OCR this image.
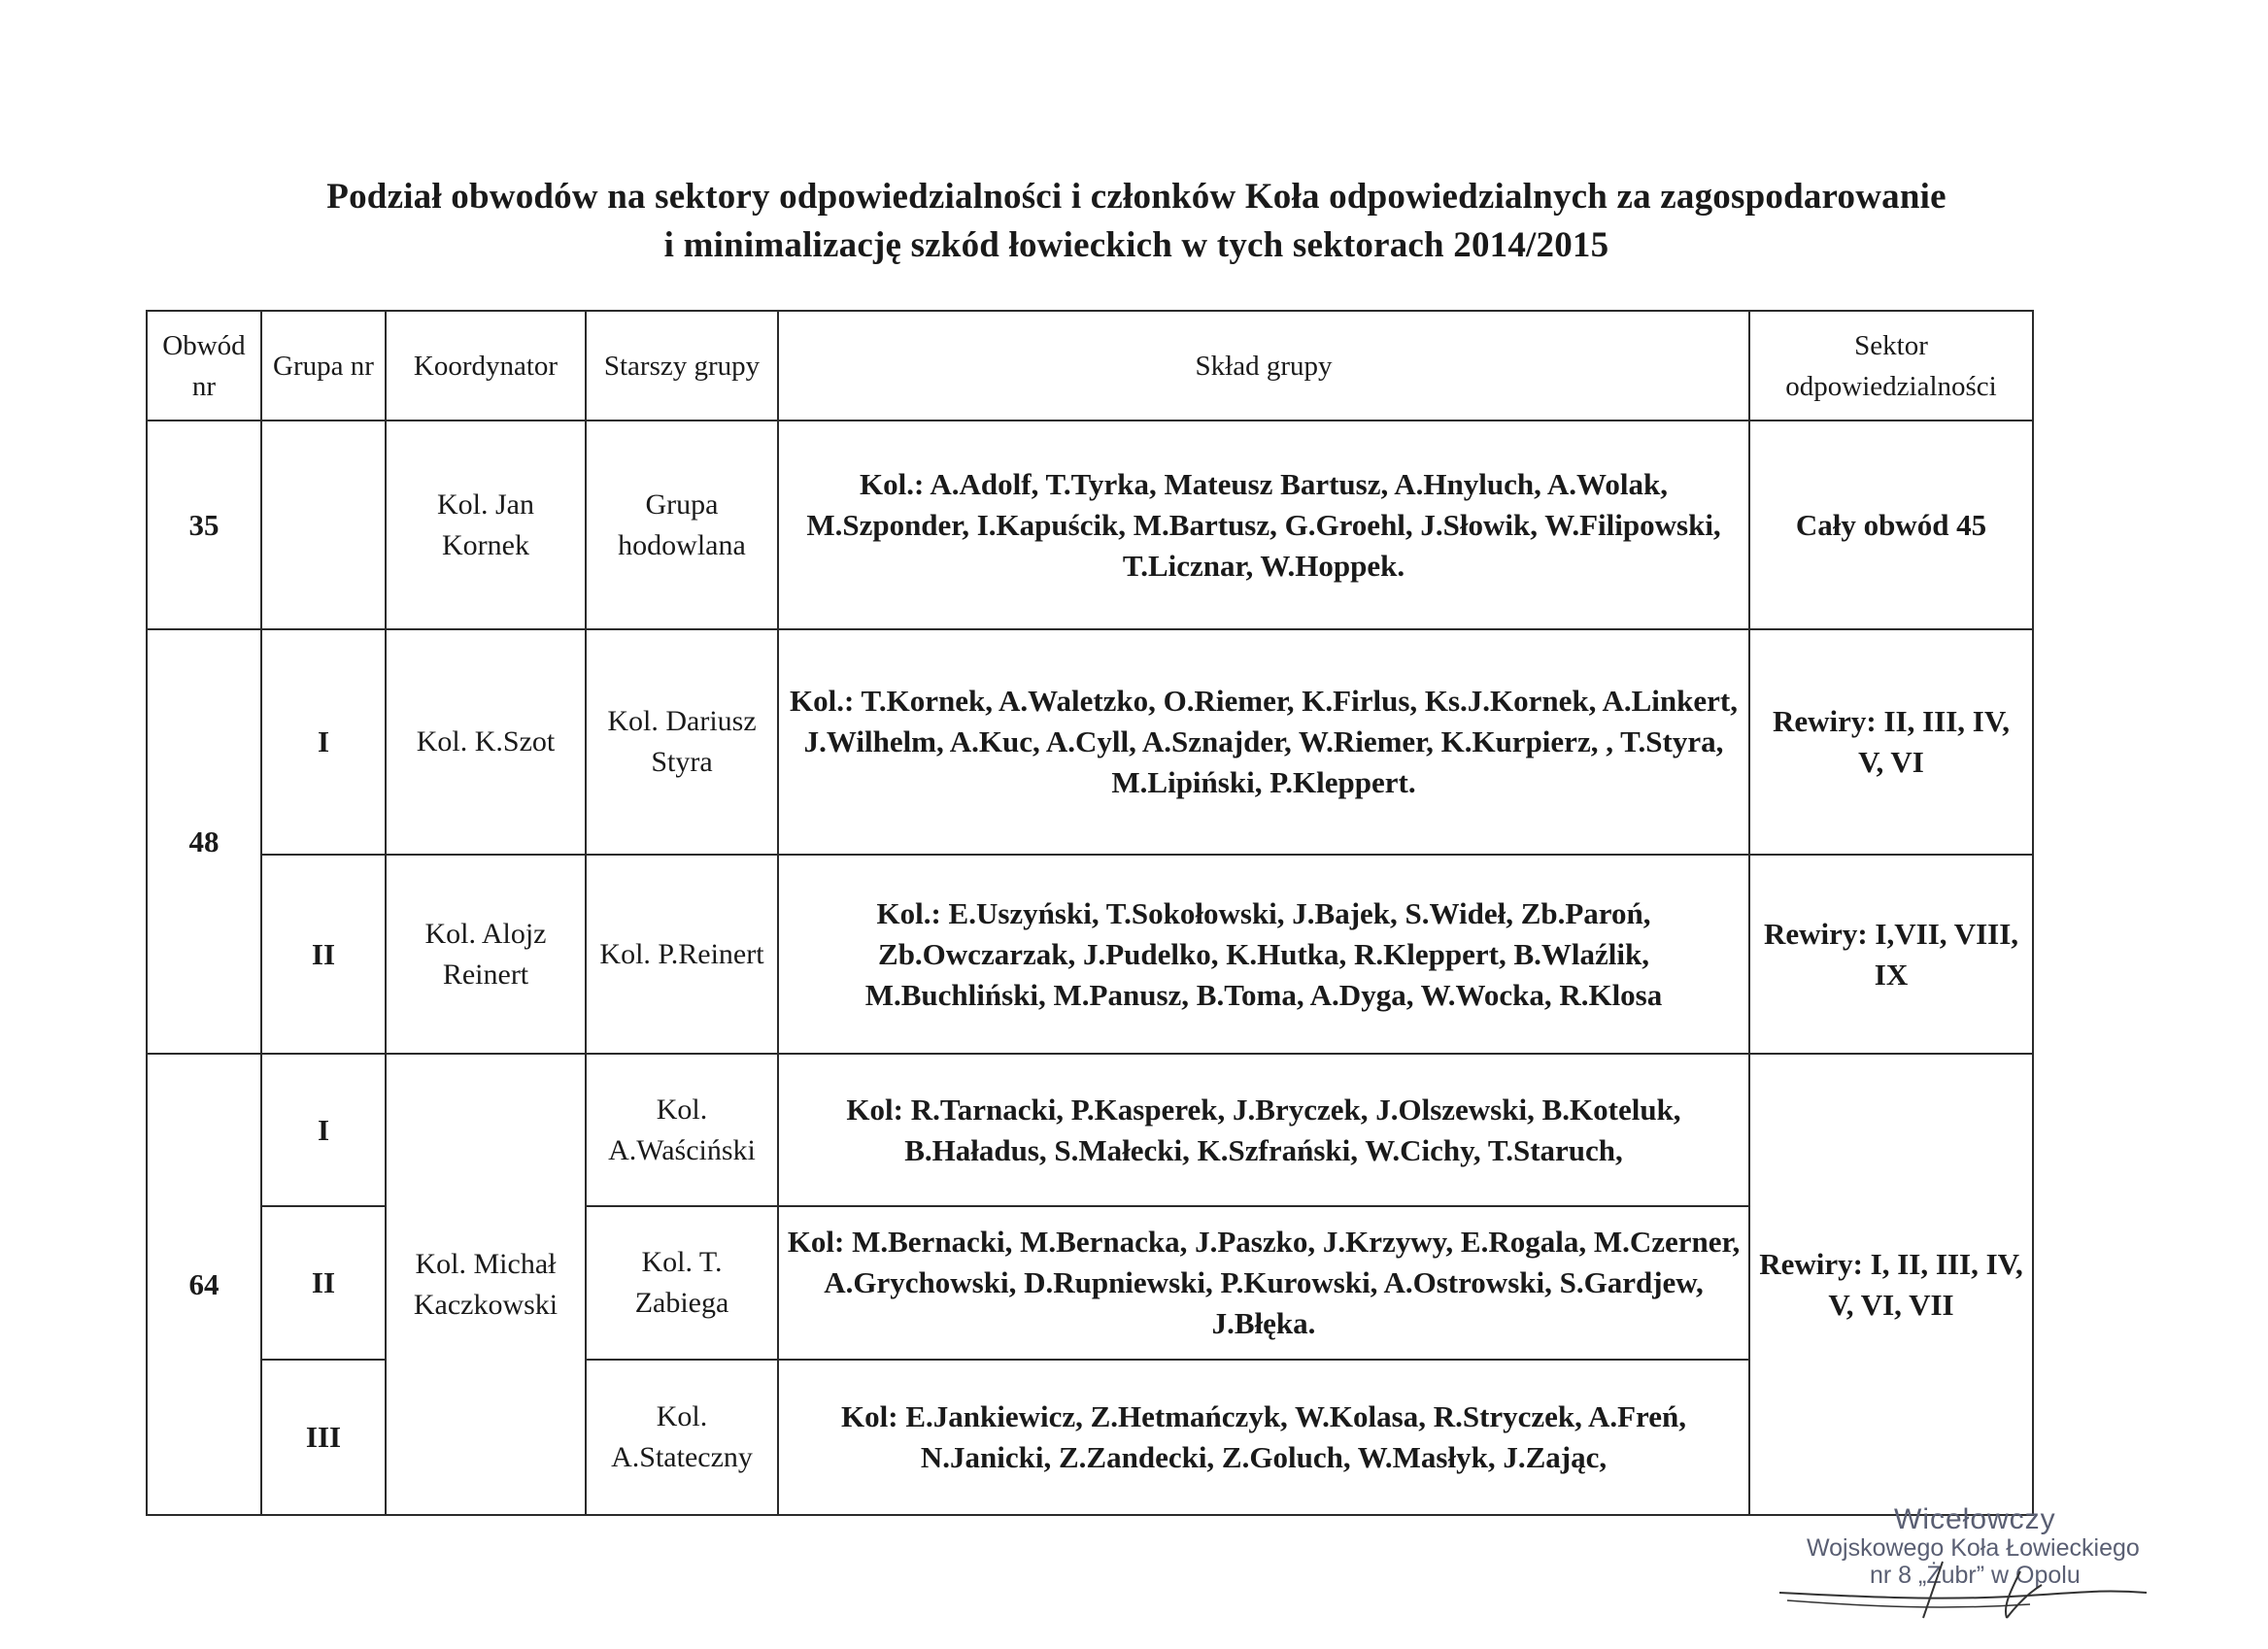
Podział obwodów na sektory odpowiedzialności i członków Koła odpowiedzialnych za zagospodarowanie
i minimalizację szkód łowieckich w tych sektorach 2014/2015
Obwód nr	Grupa nr	Koordynator	Starszy grupy	Skład grupy	Sektor odpowiedzialności
35		Kol. Jan Kornek	Grupa hodowlana	Kol.: A.Adolf, T.Tyrka, Mateusz Bartusz, A.Hnyluch, A.Wolak, M.Szponder, I.Kapuścik, M.Bartusz, G.Groehl, J.Słowik, W.Filipowski, T.Licznar, W.Hoppek.	Cały obwód 45
48	I	Kol. K.Szot	Kol. Dariusz Styra	Kol.: T.Kornek, A.Waletzko, O.Riemer, K.Firlus, Ks.J.Kornek, A.Linkert, J.Wilhelm, A.Kuc, A.Cyll, A.Sznajder, W.Riemer, K.Kurpierz, , T.Styra, M.Lipiński, P.Kleppert.	Rewiry: II, III, IV, V, VI
	II	Kol. Alojz Reinert	Kol. P.Reinert	Kol.: E.Uszyński, T.Sokołowski, J.Bajek, S.Wideł, Zb.Paroń, Zb.Owczarzak, J.Pudelko, K.Hutka, R.Kleppert, B.Wlaźlik, M.Buchliński, M.Panusz, B.Toma, A.Dyga, W.Wocka, R.Klosa	Rewiry: I,VII, VIII, IX
64	I	Kol. Michał Kaczkowski	Kol. A.Waściński	Kol: R.Tarnacki, P.Kasperek, J.Bryczek, J.Olszewski, B.Koteluk, B.Haładus, S.Małecki, K.Szfrański, W.Cichy, T.Staruch,	Rewiry: I, II, III, IV, V, VI, VII
	II		Kol. T. Zabiega	Kol: M.Bernacki, M.Bernacka, J.Paszko, J.Krzywy, E.Rogala, M.Czerner, A.Grychowski, D.Rupniewski, P.Kurowski, A.Ostrowski, S.Gardjew, J.Błęka.	
	III		Kol. A.Stateczny	Kol: E.Jankiewicz, Z.Hetmańczyk, W.Kolasa, R.Stryczek, A.Freń, N.Janicki, Z.Zandecki, Z.Goluch, W.Masłyk, J.Zając,	
Wicełowczy
Wojskowego Koła Łowieckiego
nr 8 „Żubr” w Opolu
